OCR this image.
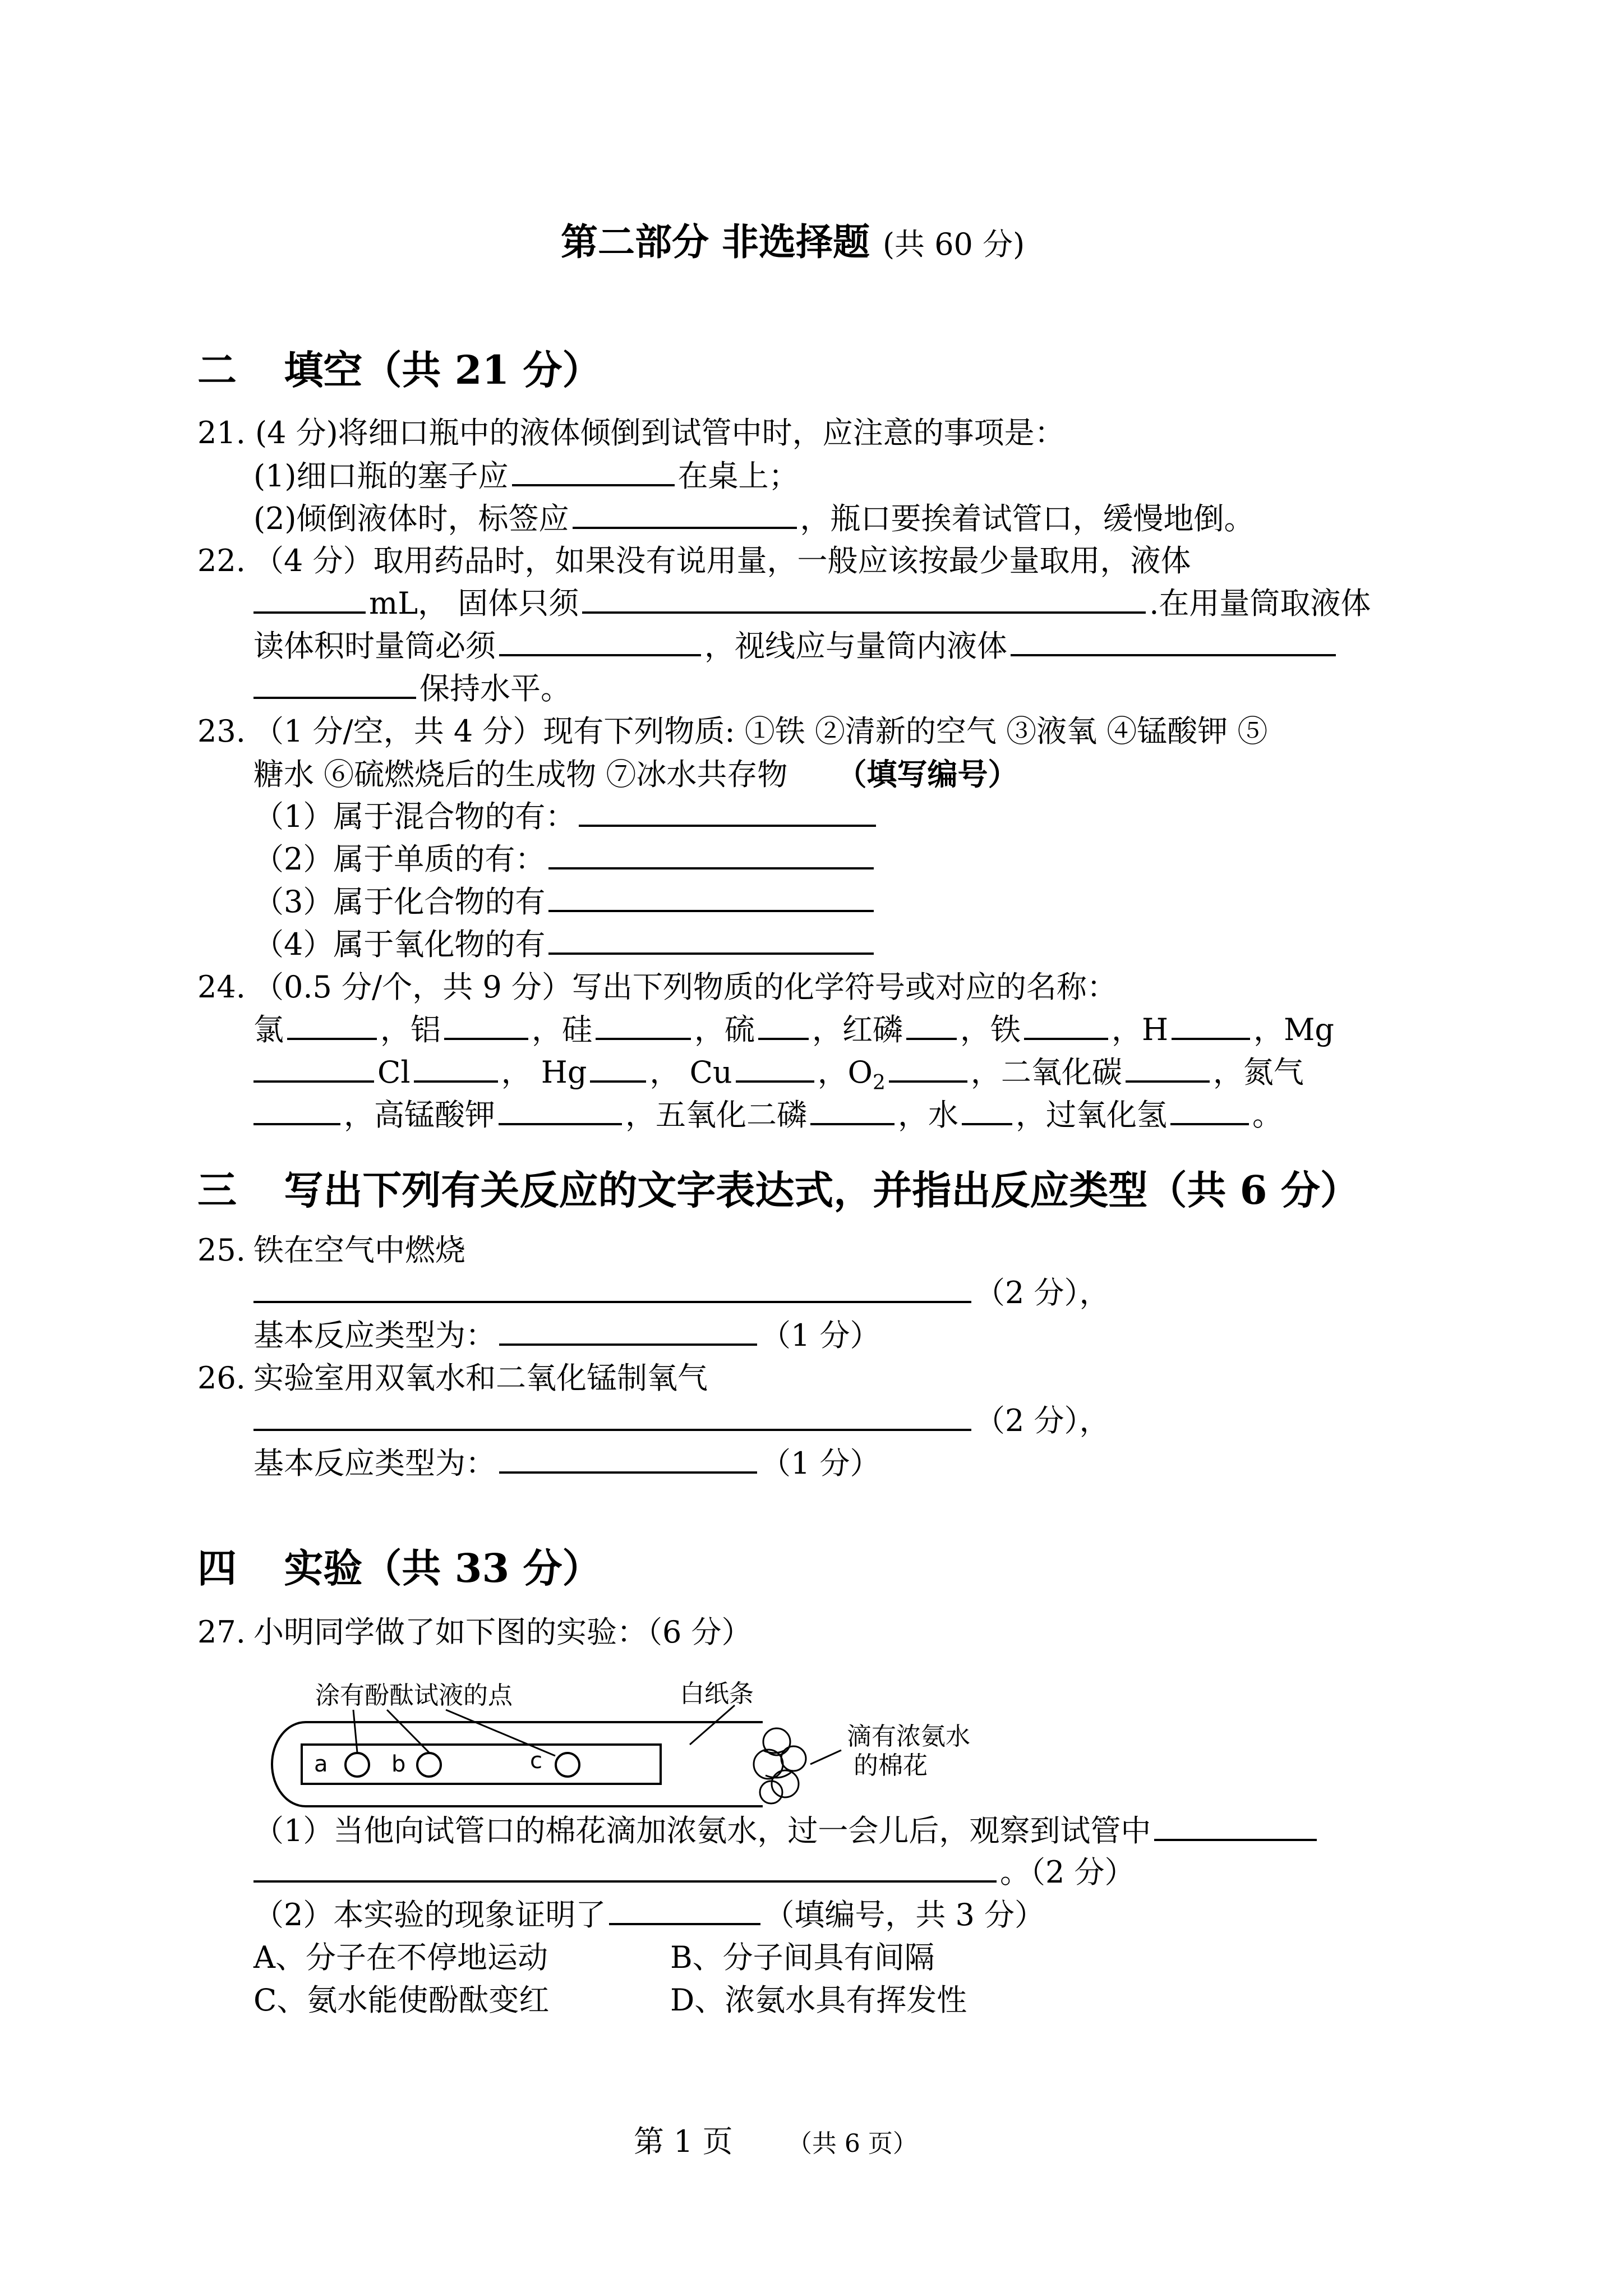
第二部分 非选择题 (共 60 分)
二 填空（共 21 分）
21. (4 分)将细口瓶中的液体倾倒到试管中时，应注意的事项是：
(1)细口瓶的塞子应	在桌上；
(2)倾倒液体时，标签应	，瓶口要挨着试管口，缓慢地倒。
22. （4 分）取用药品时，如果没有说用量，一般应该按最少量取用，液体
mL， 固体只须	.在用量筒取液体
读体积时量筒必须	，视线应与量筒内液体
保持水平。
23. （1 分/空，共 4 分）现有下列物质: ①铁 ②清新的空气 ③液氧 ④锰酸钾 ⑤
糖水 ⑥硫燃烧后的生成物 ⑦冰水共存物 （填写编号）
（1）属于混合物的有：
（2）属于单质的有：
（3）属于化合物的有
（4）属于氧化物的有
24. （0.5 分/个，共 9 分）写出下列物质的化学符号或对应的名称：
氯	，铝	，硅	，硫 ，红磷 ，铁	，H	，Mg
Cl	， Hg ， Cu	，$O_2$	，二氧化碳	，氮气
，高锰酸钾	，五氧化二磷	，水 ，过氧化氢	。
三 写出下列有关反应的文字表达式，并指出反应类型（共 6 分）
25. 铁在空气中燃烧
（2 分），
基本反应类型为：	（1 分）
26. 实验室用双氧水和二氧化锰制氧气
（2 分），
基本反应类型为：	（1 分）
四 实验（共 33 分）
27. 小明同学做了如下图的实验：（6 分）
涂有酚酞试液的点	白纸条
滴有浓氨水
的棉花
a	b	c
（1）当他向试管口的棉花滴加浓氨水，过一会儿后，观察到试管中
。（2 分）
（2）本实验的现象证明了	（填编号，共 3 分）
A、分子在不停地运动	B、分子间具有间隔
C、氨水能使酚酞变红	D、浓氨水具有挥发性
第 1 页 （共 6 页）
